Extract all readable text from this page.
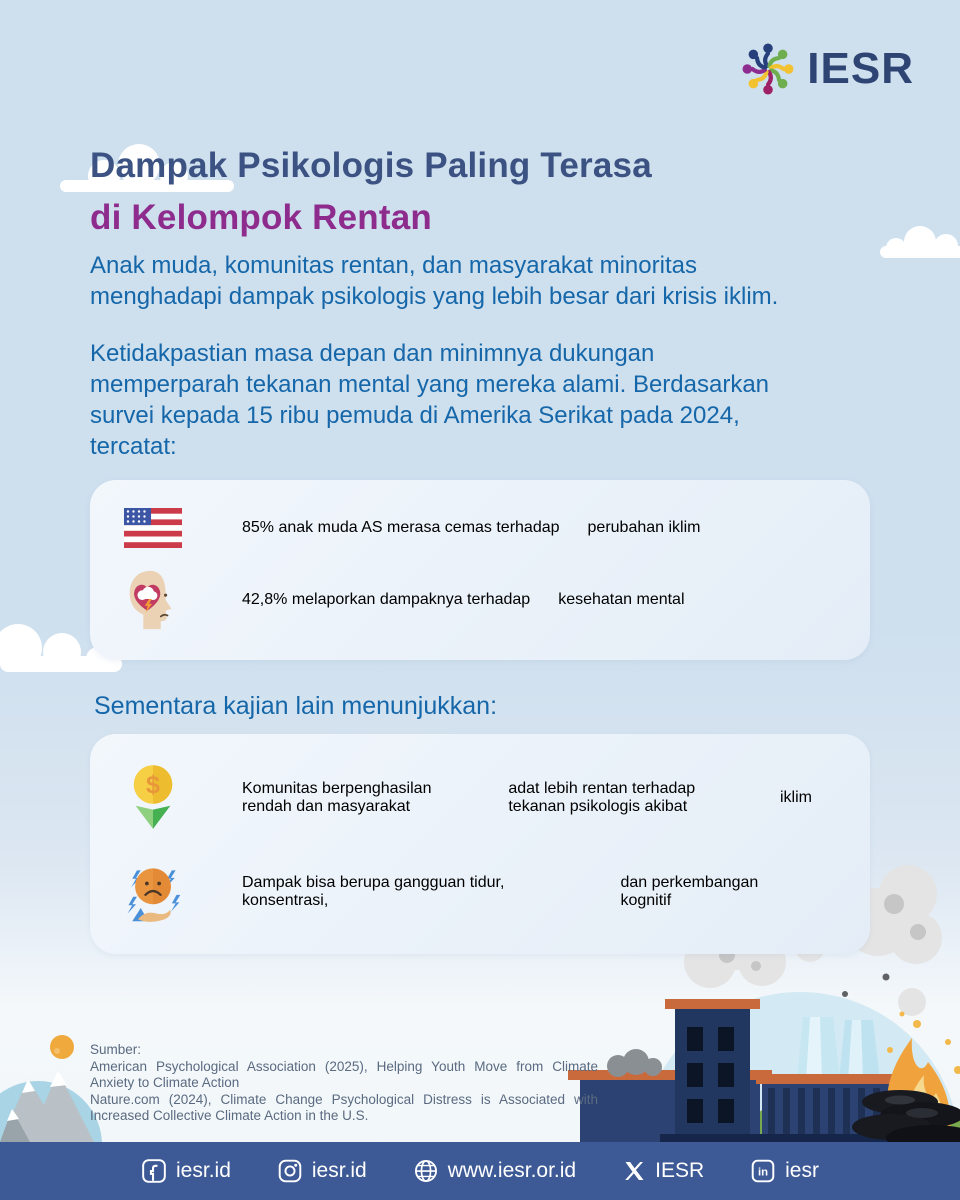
IESR
Dampak Psikologis Paling Terasa
di Kelompok Rentan
Anak muda, komunitas rentan, dan masyarakat minoritas
menghadapi dampak psikologis yang lebih besar dari krisis iklim.
Ketidakpastian masa depan dan minimnya dukungan
memperparah tekanan mental yang mereka alami. Berdasarkan
survei kepada 15 ribu pemuda di Amerika Serikat pada 2024,
tercatat:

85% anak muda AS merasa cemas terhadap perubahan iklim

42,8% melaporkan dampaknya terhadap kesehatan mental

Sementara kajian lain menunjukkan:
$	Komunitas berpenghasilan rendah dan masyarakat
adat lebih rentan terhadap tekanan psikologis akibat
iklim

Dampak bisa berupa gangguan tidur, konsentrasi,
dan perkembangan kognitif

Sumber:
American Psychological Association (2025), Helping Youth Move from Climate Anxiety to Climate Action
Nature.com (2024), Climate Change Psychological Distress is Associated with Increased Collective Climate Action in the U.S.
iesr.id	iesr.id	www.iesr.or.id	IESR	in iesr
